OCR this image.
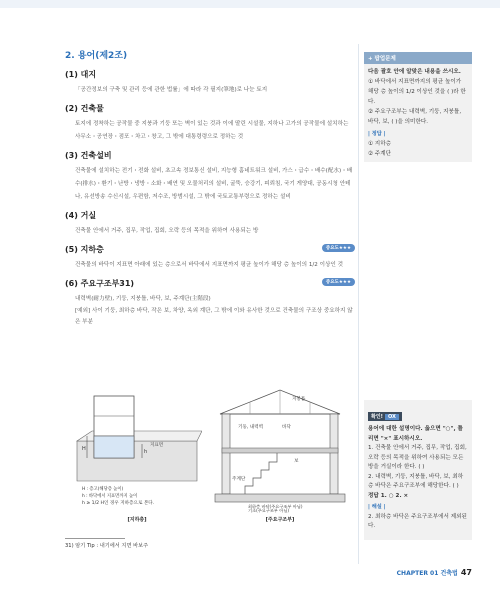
2. 용어(제2조)
(1) 대지
「공간정보의 구축 및 관리 등에 관한 법률」에 따라 각 필지(筆地)로 나눈 토지
(2) 건축물
토지에 정착하는 공작물 중 지붕과 기둥 또는 벽이 있는 것과 이에 딸린 시설물, 지하나 고가의 공작물에 설치하는 사무소・공연장・점포・차고・창고, 그 밖에 대통령령으로 정하는 것
(3) 건축설비
건축물에 설치하는 전기・전화 설비, 초고속 정보통신 설비, 지능형 홈네트워크 설비, 가스・급수・배수(配水)・배수(排水)・환기・난방・냉방・소화・배연 및 오물처리의 설비, 굴뚝, 승강기, 피뢰침, 국기 게양대, 공동시청 안테나, 유선방송 수신시설, 우편함, 저수조, 방범시설, 그 밖에 국토교통부령으로 정하는 설비
(4) 거실
건축물 안에서 거주, 집무, 작업, 집회, 오락 등의 목적을 위하여 사용되는 방
(5) 지하층	중요도★★★
건축물의 바닥이 지표면 아래에 있는 층으로서 바닥에서 지표면까지 평균 높이가 해당 층 높이의 1/2 이상인 것
(6) 주요구조부31)	중요도★★★
내력벽(耐力壁), 기둥, 지붕틀, 바닥, 보, 주계단(主階段)
[예외] 사이 기둥, 최하층 바닥, 작은 보, 차양, 옥외 계단, 그 밖에 이와 유사한 것으로 건축물의 구조상 중요하지 않은 부분
H	h
지표면
H : 층고(해당층 높이)
h : 바닥에서 지표면까지 높이
h ≥ 1/2 H인 경우 지하층으로 본다.
[지하층]
지붕틀
기둥, 내력벽	바닥
보
주계단
최하층 바닥(주요구조부 아님)
기초(주요구조부 아님)
[주요구조부]
31) 암기 Tip : 내기에서 지면 바보주
+ 팝업문제
다음 괄호 안에 알맞은 내용을 쓰시오.
① 바닥에서 지표면까지의 평균 높이가 해당 층 높이의 1/2 이상인 것을 ( )라 한다.
② 주요구조부는 내력벽, 기둥, 지붕틀, 바닥, 보, ( )을 의미한다.
| 정답 |
① 지하층
② 주계단
확인! OX
용어에 대한 설명이다. 옳으면 "○", 틀리면 "×" 표시하시오.
1. 건축물 안에서 거주, 집무, 작업, 집회, 오락 등의 목적을 위하여 사용되는 모든 방을 거실이라 한다. ( )
2. 내력벽, 기둥, 지붕틀, 바닥, 보, 최하층 바닥은 주요구조부에 해당한다. ( )
정답 1. ○ 2. ×
| 해설 |
2. 최하층 바닥은 주요구조부에서 제외된다.
CHAPTER 01 건축법 47
